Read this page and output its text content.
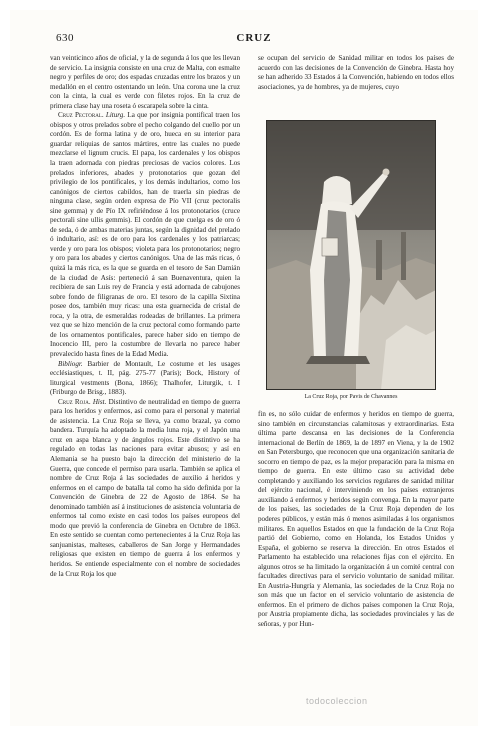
630	CRUZ

van veinticinco años de oficial, y la de segunda á los que les llevan de servicio. La insignia consiste en una cruz de Malta, con esmalte negro y perfiles de oro; dos espadas cruzadas entre los brazos y un medallón en el centro ostentando un león. Una corona une la cruz con la cinta, la cual es verde con filetes rojos. En la cruz de primera clase hay una roseta ó escarapela sobre la cinta.

Cruz Pectoral. Liturg. La que por insignia pontifical traen los obispos y otros prelados sobre el pecho colgando del cuello por un cordón. Es de forma latina y de oro, hueca en su interior para guardar reliquias de santos mártires, entre las cuales no puede mezclarse el lignum crucis. El papa, los cardenales y los obispos la traen adornada con piedras preciosas de vacios colores. Los prelados inferiores, abades y protonotarios que gozan del privilegio de los pontificales, y los demás indultarios, como los canónigos de ciertos cabildos, han de traerla sin piedras de ninguna clase, según orden expresa de Pío VII (cruz pectoralis sine gemma) y de Pío IX refiriéndose á los protonotarios (cruce pectorali sine ullis gemmis). El cordón de que cuelga es de oro ó de seda, ó de ambas materias juntas, según la dignidad del prelado ó indultario, así: es de oro para los cardenales y los patriarcas; verde y oro para los obispos; violeta para los protonotarios; negro y oro para los abades y ciertos canónigos. Una de las más ricas, ó quizá la más rica, es la que se guarda en el tesoro de San Damián de la ciudad de Asís: perteneció á san Buenaventura, quien la recibiera de san Luis rey de Francia y está adornada de cabujones sobre fondo de filigranas de oro. El tesoro de la capilla Sixtina posee dos, también muy ricas: una esta guarnecida de cristal de roca, y la otra, de esmeraldas rodeadas de brillantes. La primera vez que se hizo mención de la cruz pectoral como formando parte de los ornamentos pontificales, parece haber sido en tiempo de Inocencio III, pero la costumbre de llevarla no parece haber prevalecido hasta fines de la Edad Media.

Bibliogr. Barbier de Montault, Le costume et les usages ecclésiastiques, t. II, pág. 275-77 (París); Bock, History of liturgical vestments (Bona, 1866); Thalhofer, Liturgik, t. I (Friburgo de Brisg., 1883).

Cruz Roja. Hist. Distintivo de neutralidad en tiempo de guerra para los heridos y enfermos, así como para el personal y material de asistencia. La Cruz Roja se lleva, ya como brazal, ya como bandera. Turquía ha adoptado la media luna roja, y el Japón una cruz en aspa blanca y de ángulos rojos. Este distintivo se ha regulado en todas las naciones para evitar abusos; y así en Alemania se ha puesto bajo la dirección del ministerio de la Guerra, que concede el permiso para usarla. También se aplica el nombre de Cruz Roja á las sociedades de auxilio á heridos y enfermos en el campo de batalla tal como ha sido definida por la Convención de Ginebra de 22 de Agosto de 1864. Se ha denominado también así á instituciones de asistencia voluntaria de enfermos tal como existe en casi todos los países europeos del modo que previó la conferencia de Ginebra en Octubre de 1863. En este sentido se cuentan como pertenecientes á la Cruz Roja las sanjuanistas, malteses, caballeros de San Jorge y Hermandades religiosas que existen en tiempo de guerra á los enfermos y heridos. Se entiende especialmente con el nombre de sociedades de la Cruz Roja los que

se ocupan del servicio de Sanidad militar en todos los países de acuerdo con las decisiones de la Convención de Ginebra. Hasta hoy se han adherido 33 Estados á la Convención, habiendo en todos ellos asociaciones, ya de hombres, ya de mujeres, cuyo

La Cruz Roja, por Pavis de Chavannes

fin es, no sólo cuidar de enfermos y heridos en tiempo de guerra, sino también en circunstancias calamitosas y extraordinarias. Esta última parte descansa en las decisiones de la Conferencia internacional de Berlín de 1869, la de 1897 en Viena, y la de 1902 en San Petersburgo, que reconocen que una organización sanitaria de socorro en tiempo de paz, es la mejor preparación para la misma en tiempo de guerra. En este último caso su actividad debe completando y auxiliando los servicios regulares de sanidad militar del ejército nacional, é interviniendo en los países extranjeros auxiliando á enfermos y heridos según convenga. En la mayor parte de los países, las sociedades de la Cruz Roja dependen de los poderes públicos, y están más ó menos asimiladas á los organismos militares. En aquellos Estados en que la fundación de la Cruz Roja partió del Gobierno, como en Holanda, los Estados Unidos y España, el gobierno se reserva la dirección. En otros Estados el Parlamento ha establecido una relaciones fijas con el ejército. En algunos otros se ha limitado la organización á un comité central con facultades directivas para el servicio voluntario de sanidad militar. En Austria-Hungría y Alemania, las sociedades de la Cruz Roja no son más que un factor en el servicio voluntario de asistencia de enfermos. En el primero de dichos países componen la Cruz Roja, por Austria propiamente dicha, las sociedades provinciales y las de señoras, y por Hun-

todocoleccion
